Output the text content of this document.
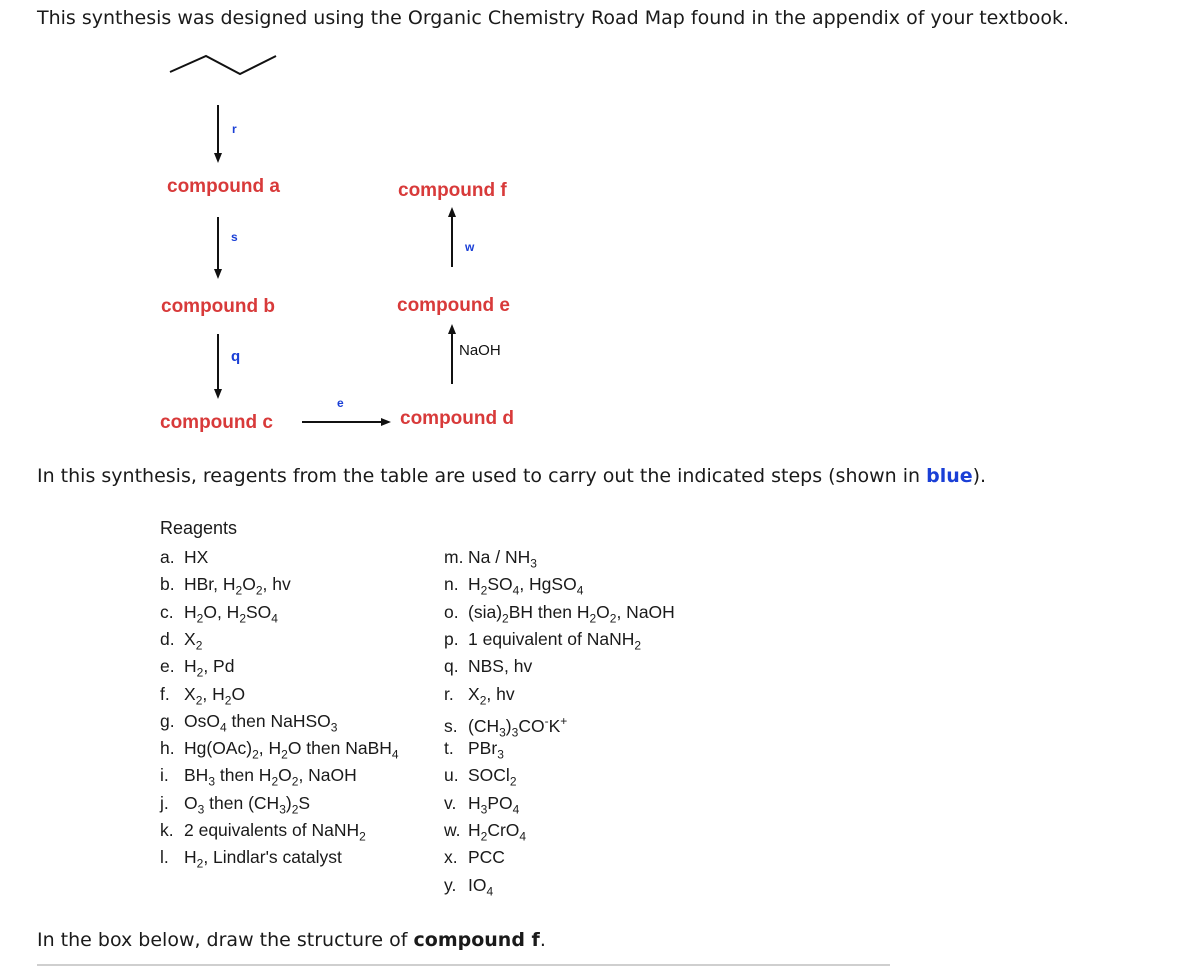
This synthesis was designed using the Organic Chemistry Road Map found in the appendix of your textbook.
compound a
compound b
compound c	compound d
compound e
compound f
r
s
q
e
w
NaOH
In this synthesis, reagents from the table are used to carry out the indicated steps (shown in blue).
Reagents
a. HX
b. HBr, $H_2O_2$, hv
c. $H_2O$, $H_2SO_4$
d. $X_2$
e. $H_2$, Pd
f. $X_2$, $H_2O$
g. OsO$_4$ then NaHSO$_3$
h. $Hg(OAc)_2$, $H_2O$ then NaBH$_4$
i. $BH_3$ then $H_2O_2$, NaOH
j. $O_3$ then $(CH_3)_2S$
k. 2 equivalents of NaNH$_2$
l. $H_2$, Lindlar's catalyst
m. Na / $NH_3$
n. $H_2SO_4$, HgSO$_4$
o. $(sia)_2BH$ then $H_2O_2$, NaOH
p. 1 equivalent of NaNH$_2$
q. NBS, hv
r. $X_2$, hv
s. $(CH_3)_3CO^-K^+$
t. PBr$_3$
u. SOCl$_2$
v. $H_3PO_4$
w. $H_2CrO_4$
x. PCC
y. $IO_4$
In the box below, draw the structure of compound f.
